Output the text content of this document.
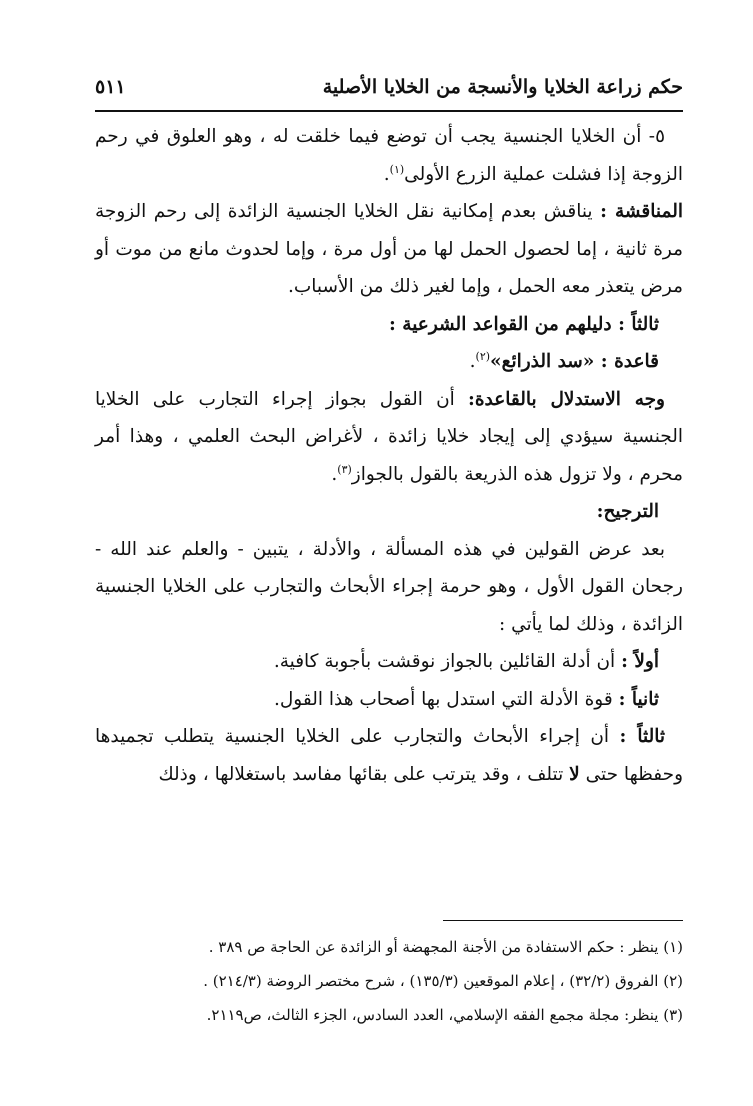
حكم زراعة الخلايا والأنسجة من الخلايا الأصلية
٥١١

٥- أن الخلايا الجنسية يجب أن توضع فيما خلقت له ، وهو العلوق في رحم الزوجة إذا فشلت عملية الزرع الأولى$^{(١)}$.

المناقشة : يناقش بعدم إمكانية نقل الخلايا الجنسية الزائدة إلى رحم الزوجة مرة ثانية ، إما لحصول الحمل لها من أول مرة ، وإما لحدوث مانع من موت أو مرض يتعذر معه الحمل ، وإما لغير ذلك من الأسباب.

ثالثاً : دليلهم من القواعد الشرعية :

قاعدة : «سد الذرائع»$^{(٢)}$.

وجه الاستدلال بالقاعدة: أن القول بجواز إجراء التجارب على الخلايا الجنسية سيؤدي إلى إيجاد خلايا زائدة ، لأغراض البحث العلمي ، وهذا أمر محرم ، ولا تزول هذه الذريعة بالقول بالجواز$^{(٣)}$.

الترجيح:

بعد عرض القولين في هذه المسألة ، والأدلة ، يتبين - والعلم عند الله - رجحان القول الأول ، وهو حرمة إجراء الأبحاث والتجارب على الخلايا الجنسية الزائدة ، وذلك لما يأتي :

أولاً : أن أدلة القائلين بالجواز نوقشت بأجوبة كافية.

ثانياً : قوة الأدلة التي استدل بها أصحاب هذا القول.

ثالثاً : أن إجراء الأبحاث والتجارب على الخلايا الجنسية يتطلب تجميدها وحفظها حتى لا تتلف ، وقد يترتب على بقائها مفاسد باستغلالها ، وذلك

(١) ينظر : حكم الاستفادة من الأجنة المجهضة أو الزائدة عن الحاجة ص ٣٨٩ .

(٢) الفروق (٣٢/٢) ، إعلام الموقعين (١٣٥/٣) ، شرح مختصر الروضة (٢١٤/٣) .

(٣) ينظر: مجلة مجمع الفقه الإسلامي، العدد السادس، الجزء الثالث، ص٢١١٩.
